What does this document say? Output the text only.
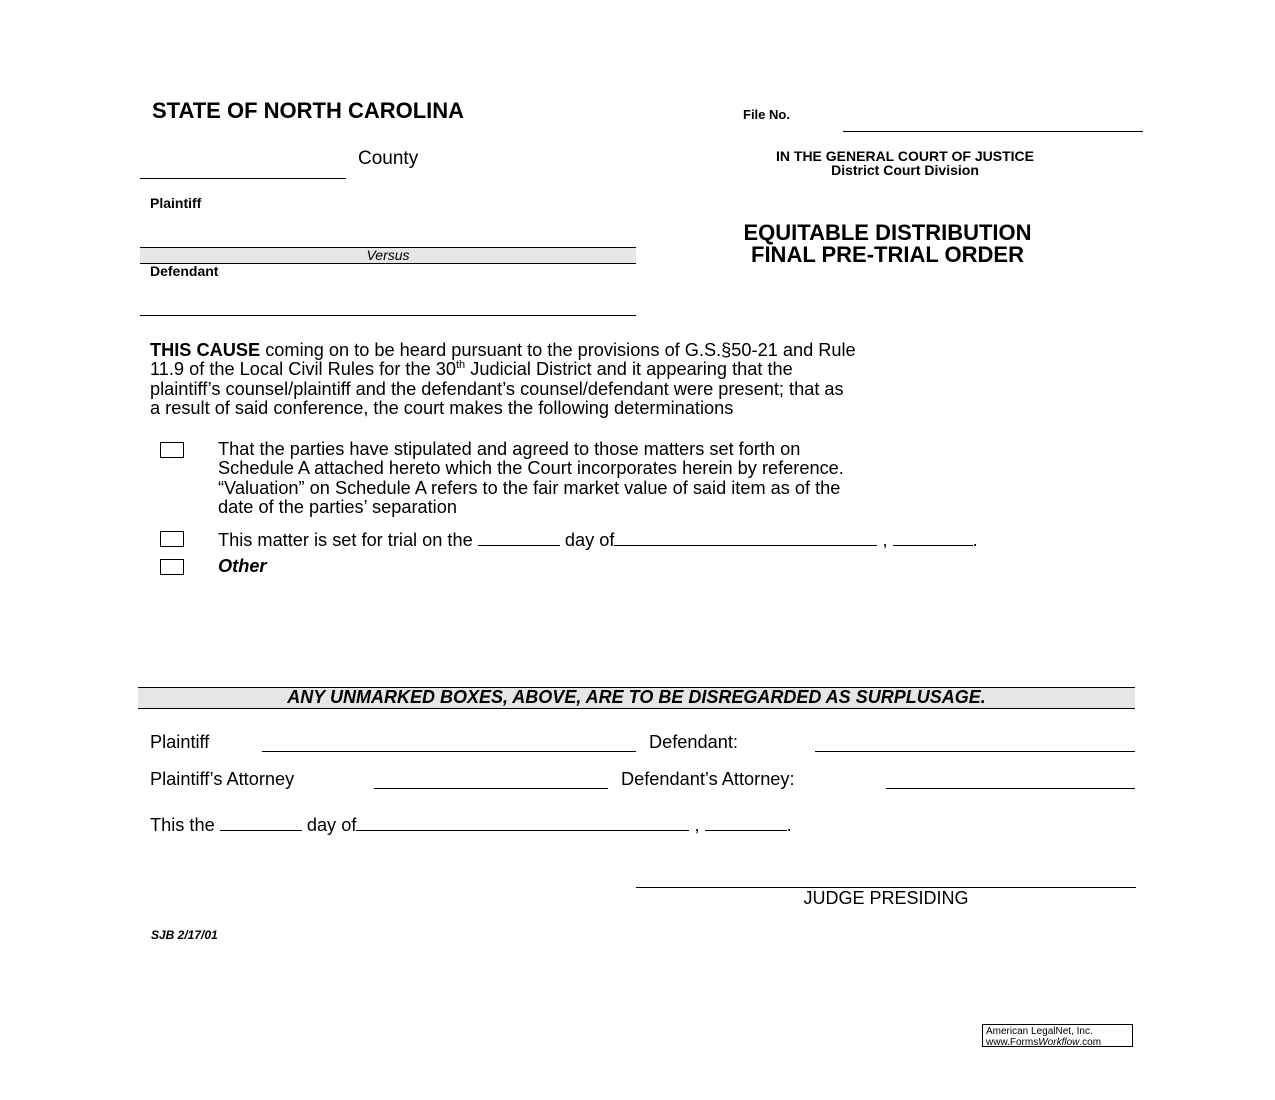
STATE OF NORTH CAROLINA	File No.
County	IN THE GENERAL COURT OF JUSTICE
District Court Division
Plaintiff
Versus
Defendant
EQUITABLE DISTRIBUTION
FINAL PRE-TRIAL ORDER
THIS CAUSE coming on to be heard pursuant to the provisions of G.S.§50-21 and Rule
11.9 of the Local Civil Rules for the 30th Judicial District and it appearing that the
plaintiff’s counsel/plaintiff and the defendant’s counsel/defendant were present; that as
a result of said conference, the court makes the following determinations
That the parties have stipulated and agreed to those matters set forth on
Schedule A attached hereto which the Court incorporates herein by reference.
“Valuation” on Schedule A refers to the fair market value of said item as of the
date of the parties’ separation
This matter is set for trial on the	day of	,	.
Other
ANY UNMARKED BOXES, ABOVE, ARE TO BE DISREGARDED AS SURPLUSAGE.
Plaintiff	Defendant:
Plaintiff’s Attorney	Defendant’s Attorney:
This the	day of	,	.
JUDGE PRESIDING
SJB 2/17/01
American LegalNet, Inc.
www.FormsWorkflow.com
